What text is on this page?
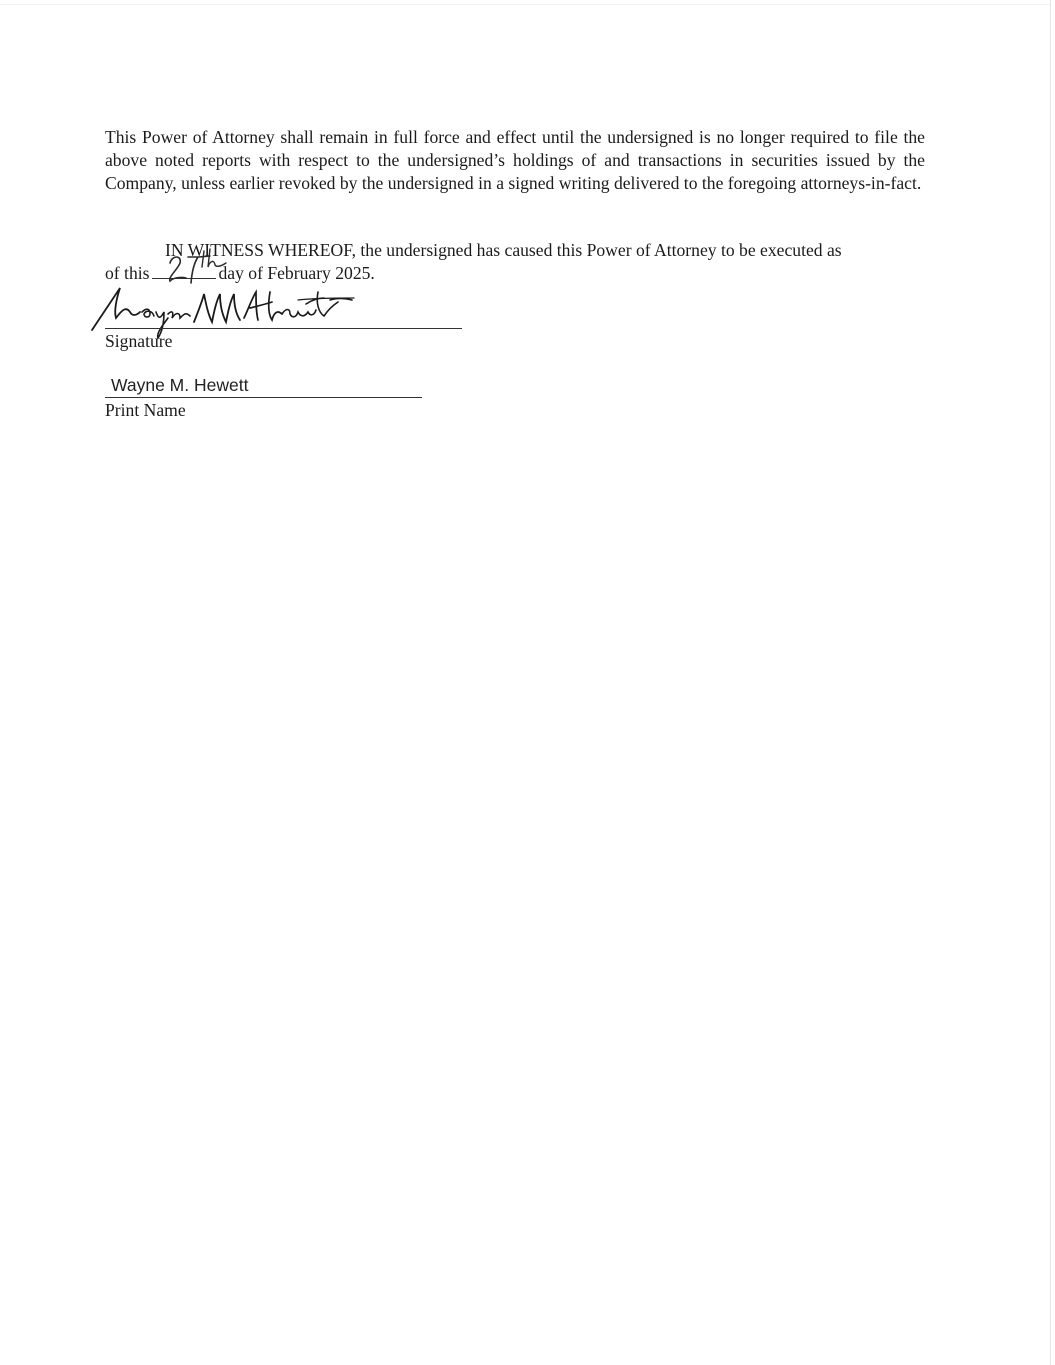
This Power of Attorney shall remain in full force and effect until the undersigned is no longer required to file the above noted reports with respect to the undersigned’s holdings of and transactions in securities issued by the Company, unless earlier revoked by the undersigned in a signed writing delivered to the foregoing attorneys-in-fact.

IN WITNESS WHEREOF, the undersigned has caused this Power of Attorney to be executed as

of this	day of February 2025.
Signature
Wayne M. Hewett
Print Name
